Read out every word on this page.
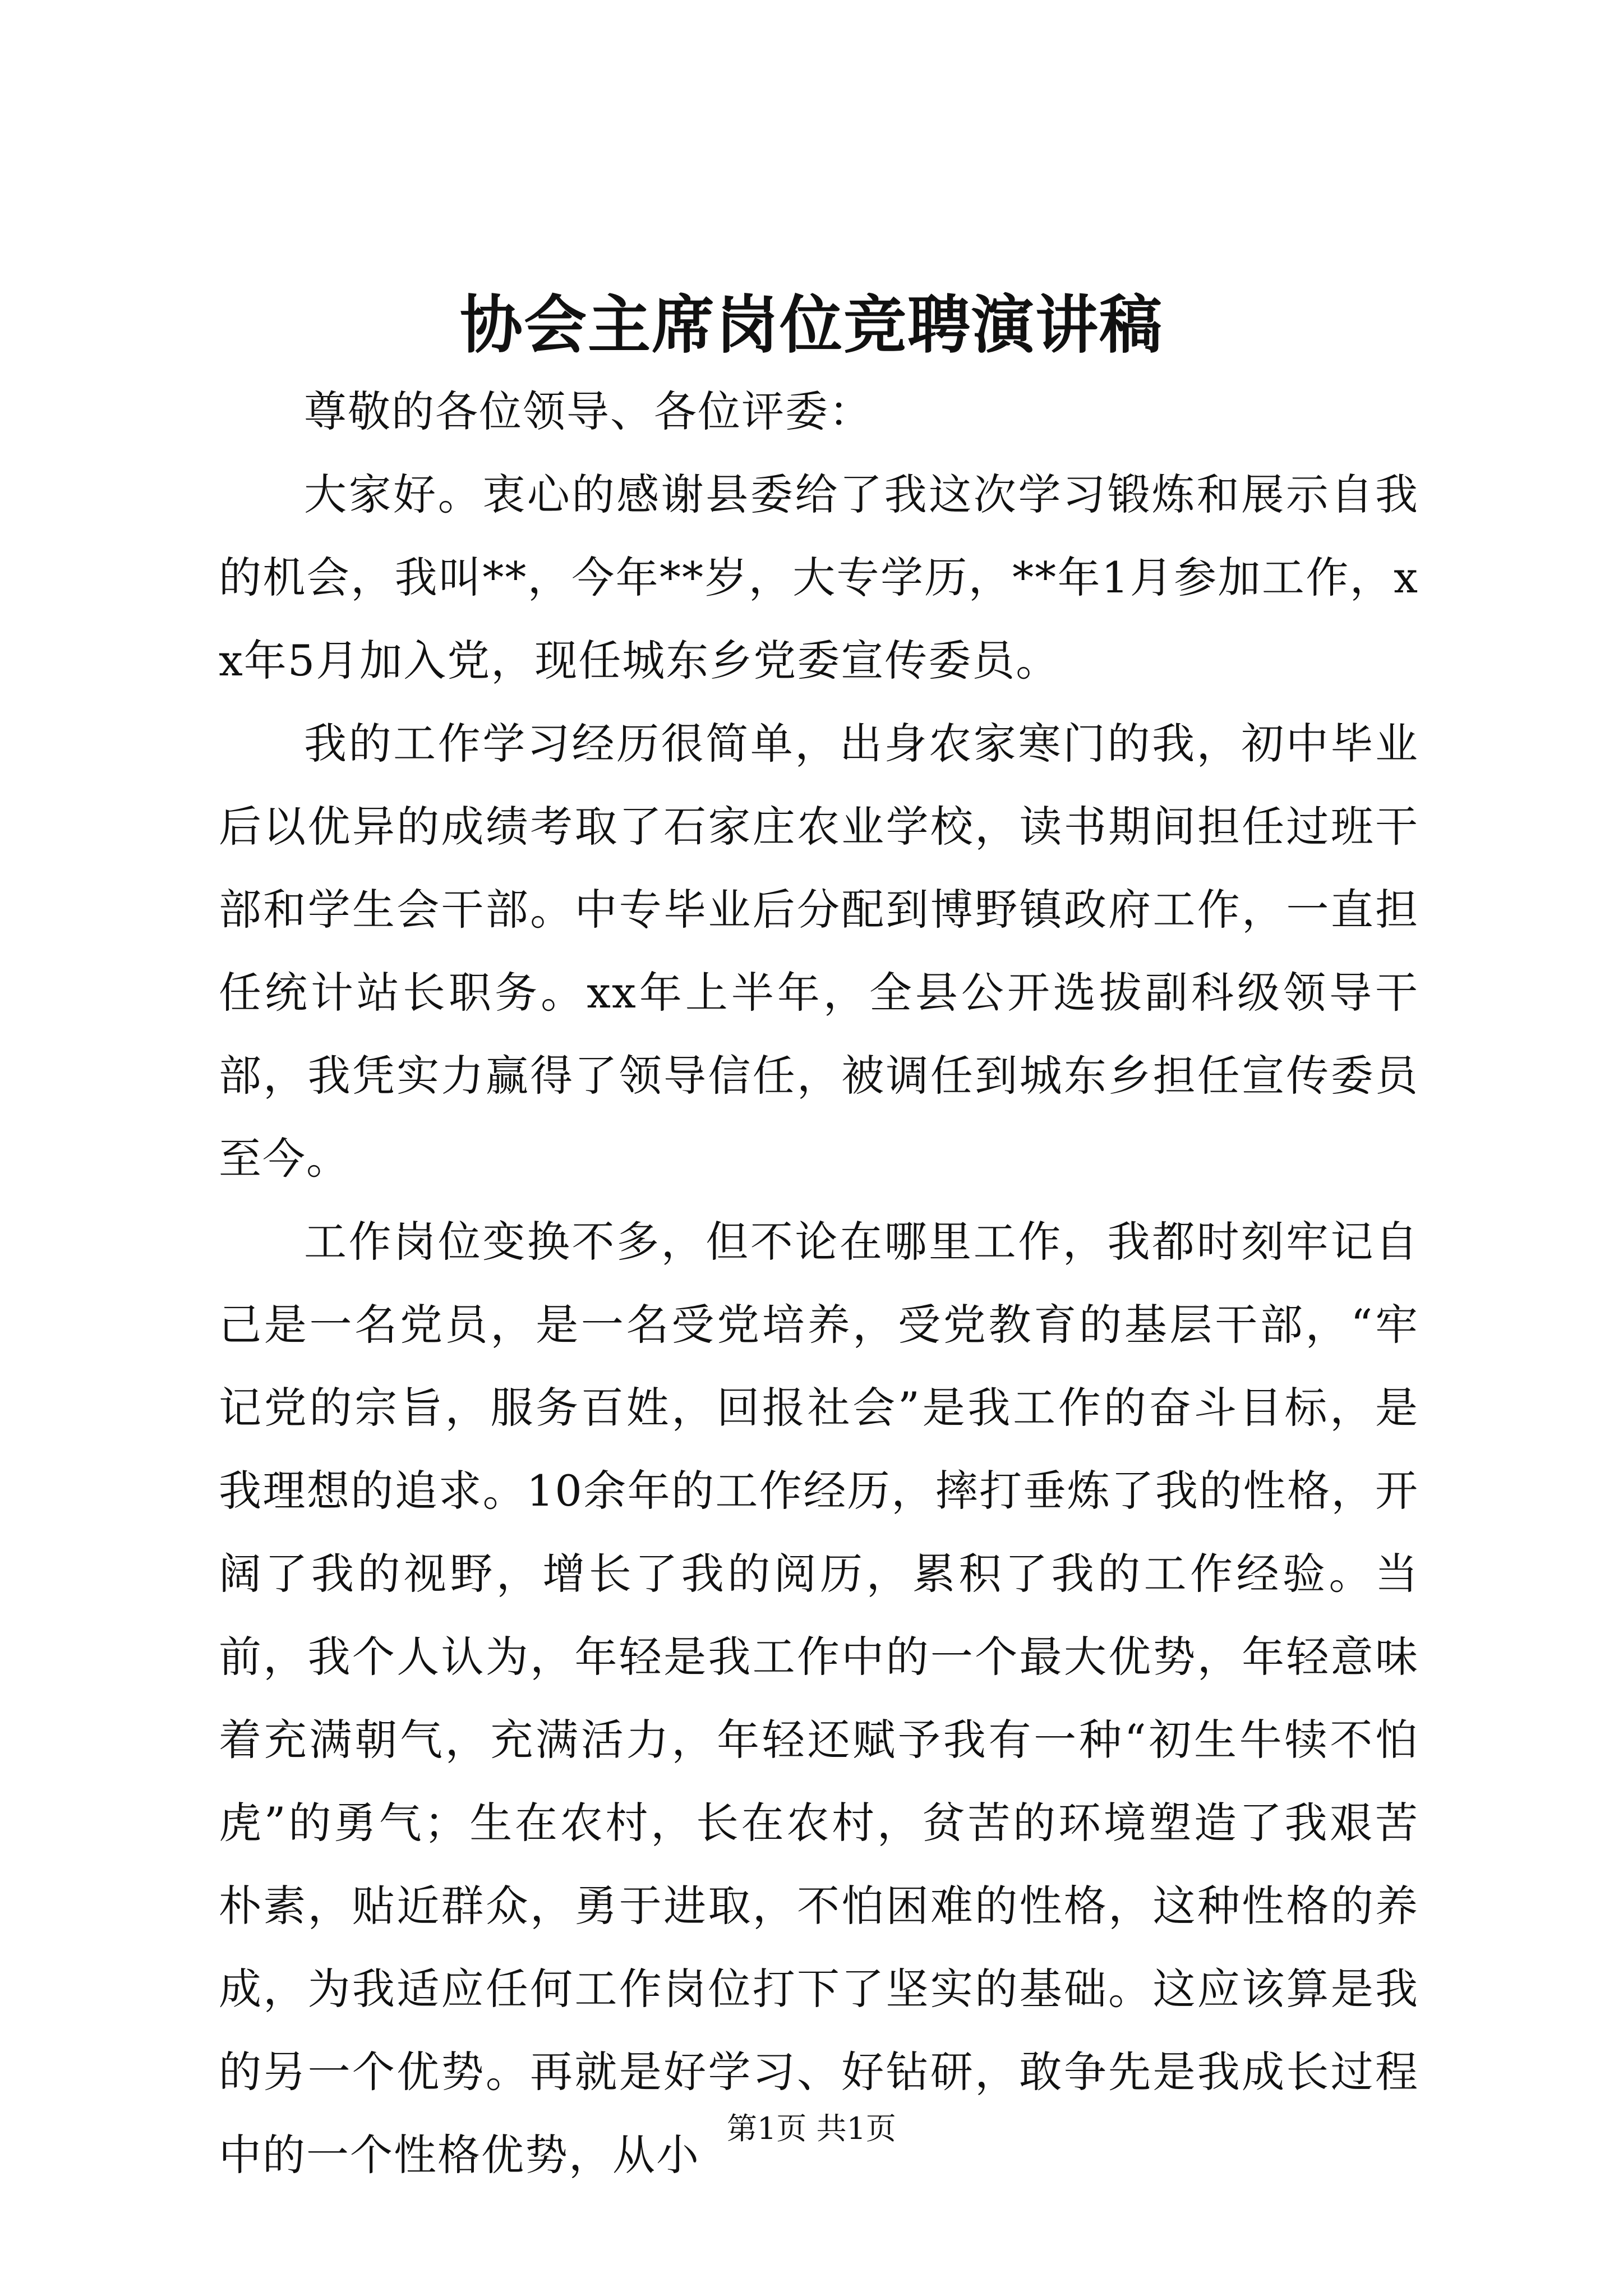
协会主席岗位竞聘演讲稿

尊敬的各位领导、各位评委：

大家好。衷心的感谢县委给了我这次学习锻炼和展示自我的机会，我叫**，今年**岁，大专学历，**年1月参加工作，xx年5月加入党，现任城东乡党委宣传委员。

我的工作学习经历很简单，出身农家寒门的我，初中毕业后以优异的成绩考取了石家庄农业学校，读书期间担任过班干部和学生会干部。中专毕业后分配到博野镇政府工作，一直担任统计站长职务。xx年上半年，全县公开选拔副科级领导干部，我凭实力赢得了领导信任，被调任到城东乡担任宣传委员至今。

工作岗位变换不多，但不论在哪里工作，我都时刻牢记自己是一名党员，是一名受党培养，受党教育的基层干部，“牢记党的宗旨，服务百姓，回报社会”是我工作的奋斗目标，是我理想的追求。10余年的工作经历，摔打垂炼了我的性格，开阔了我的视野，增长了我的阅历，累积了我的工作经验。当前，我个人认为，年轻是我工作中的一个最大优势，年轻意味着充满朝气，充满活力，年轻还赋予我有一种“初生牛犊不怕虎”的勇气；生在农村，长在农村，贫苦的环境塑造了我艰苦朴素，贴近群众，勇于进取，不怕困难的性格，这种性格的养成，为我适应任何工作岗位打下了坚实的基础。这应该算是我的另一个优势。再就是好学习、好钻研，敢争先是我成长过程中的一个性格优势，从小

第1页 共1页
